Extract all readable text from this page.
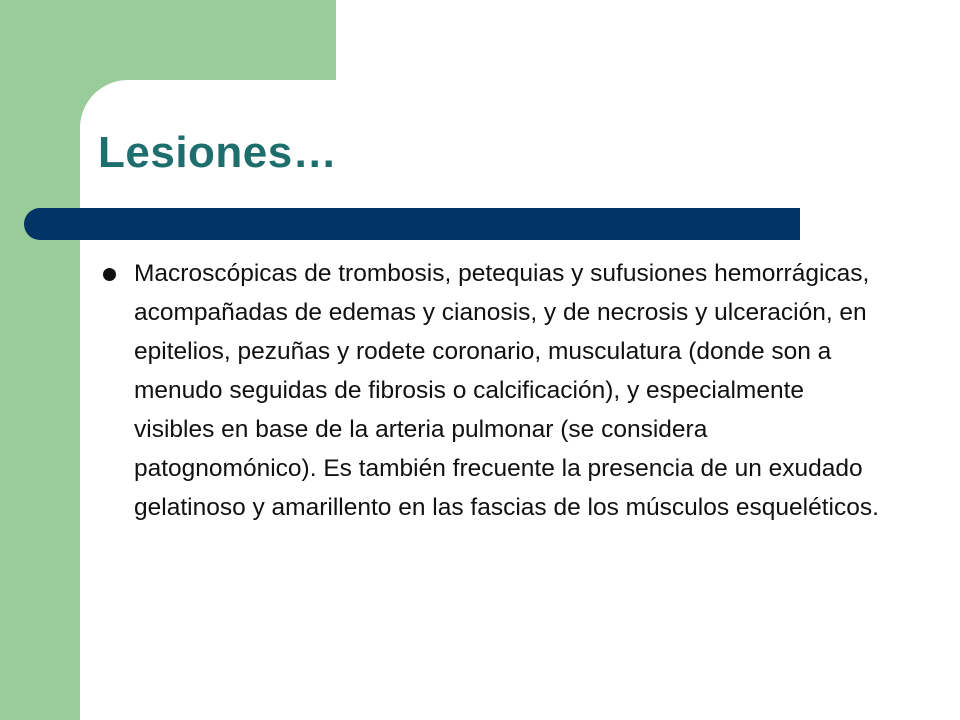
Lesiones…
Macroscópicas de trombosis, petequias y sufusiones hemorrágicas, acompañadas de edemas y cianosis, y de necrosis y ulceración, en epitelios, pezuñas y rodete coronario, musculatura (donde son a menudo seguidas de fibrosis o calcificación), y especialmente visibles en base de la arteria pulmonar (se considera patognomónico). Es también frecuente la presencia de un exudado gelatinoso y amarillento en las fascias de los músculos esqueléticos.
